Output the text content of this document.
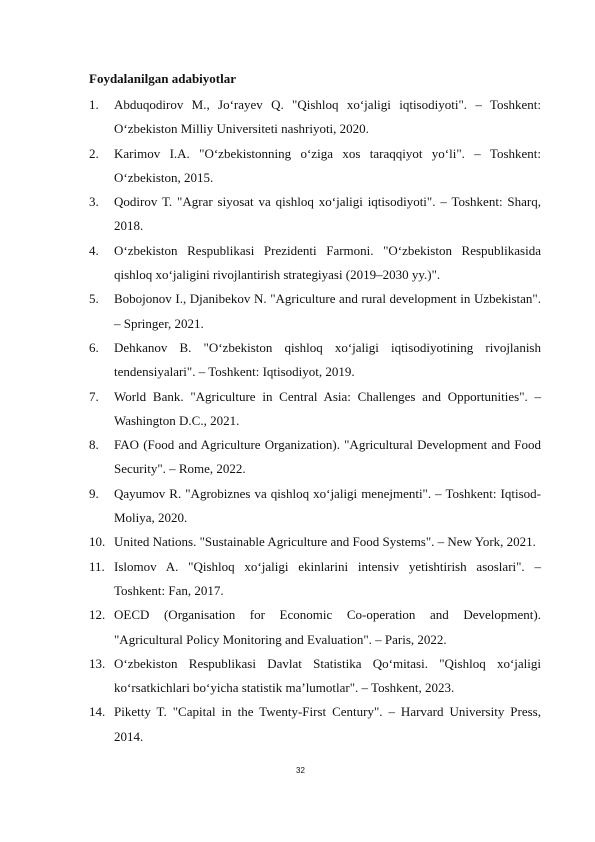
Foydalanilgan adabiyotlar
1.	Abduqodirov M., Jo‘rayev Q. "Qishloq xo‘jaligi iqtisodiyoti". – Toshkent: O‘zbekiston Milliy Universiteti nashriyoti, 2020.
2.	Karimov I.A. "O‘zbekistonning o‘ziga xos taraqqiyot yo‘li". – Toshkent: O‘zbekiston, 2015.
3.	Qodirov T. "Agrar siyosat va qishloq xo‘jaligi iqtisodiyoti". – Toshkent: Sharq, 2018.
4.	O‘zbekiston Respublikasi Prezidenti Farmoni. "O‘zbekiston Respublikasida qishloq xo‘jaligini rivojlantirish strategiyasi (2019–2030 yy.)".
5.	Bobojonov I., Djanibekov N. "Agriculture and rural development in Uzbekistan". – Springer, 2021.
6.	Dehkanov B. "O‘zbekiston qishloq xo‘jaligi iqtisodiyotining rivojlanish tendensiyalari". – Toshkent: Iqtisodiyot, 2019.
7.	World Bank. "Agriculture in Central Asia: Challenges and Opportunities". – Washington D.C., 2021.
8.	FAO (Food and Agriculture Organization). "Agricultural Development and Food Security". – Rome, 2022.
9.	Qayumov R. "Agrobiznes va qishloq xo‘jaligi menejmenti". – Toshkent: Iqtisod-Moliya, 2020.
10. United Nations. "Sustainable Agriculture and Food Systems". – New York, 2021.
11. Islomov A. "Qishloq xo‘jaligi ekinlarini intensiv yetishtirish asoslari". – Toshkent: Fan, 2017.
12. OECD (Organisation for Economic Co-operation and Development). "Agricultural Policy Monitoring and Evaluation". – Paris, 2022.
13. O‘zbekiston Respublikasi Davlat Statistika Qo‘mitasi. "Qishloq xo‘jaligi ko‘rsatkichlari bo‘yicha statistik ma’lumotlar". – Toshkent, 2023.
14. Piketty T. "Capital in the Twenty-First Century". – Harvard University Press, 2014.
32
